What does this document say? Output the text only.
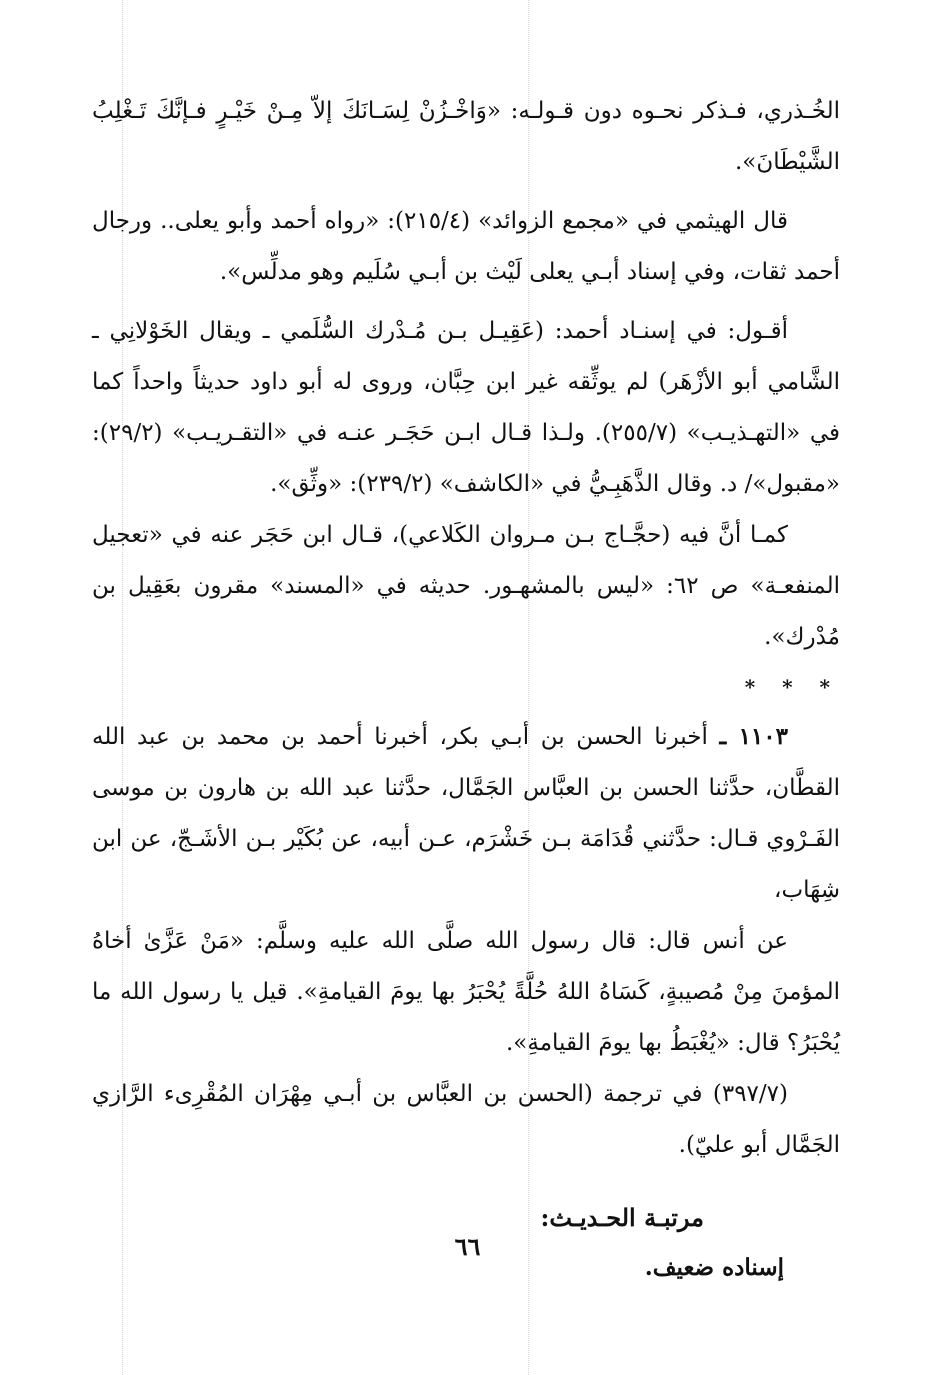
الخُـذري، فـذكر نحـوه دون قـولـه: «وَاخْـزُنْ لِسَـانَكَ إلاّ مِـنْ خَيْـرٍ فـإنَّكَ تَـغْلِبُ الشَّيْطَانَ».

قال الهيثمي في «مجمع الزوائد» (٢١٥/٤): «رواه أحمد وأبو يعلى.. ورجال أحمد ثقات، وفي إسناد أبـي يعلى لَيْث بن أبـي سُلَيم وهو مدلِّس».

أقـول: في إسنـاد أحمد: (عَقِيـل بـن مُـدْرك السُّلَمي ـ ويقال الخَوْلانِي ـ الشَّامي أبو الأزْهَر) لم يوثِّقه غير ابن حِبَّان، وروى له أبو داود حديثاً واحداً كما في «التهـذيـب» (٢٥٥/٧). ولـذا قـال ابـن حَجَـر عنـه في «التقـريـب» (٢٩/٢): «مقبول»/ د. وقال الذَّهَبِـيُّ في «الكاشف» (٢٣٩/٢): «وثِّق».

كمـا أنَّ فيه (حجَّـاج بـن مـروان الكَلاعي)، قـال ابن حَجَر عنه في «تعجيل المنفعـة» ص ٦٢: «ليس بالمشهـور. حديثه في «المسند» مقرون بعَقِيل بن مُدْرك».

* * *

١١٠٣ ـ أخبرنا الحسن بن أبـي بكر، أخبرنا أحمد بن محمد بن عبد الله القطَّان، حدَّثنا الحسن بن العبَّاس الجَمَّال، حدَّثنا عبد الله بن هارون بن موسى الفَـرْوي قـال: حدَّثني قُدَامَة بـن خَشْرَم، عـن أبيه، عن بُكَيْر بـن الأشَـجّ، عن ابن شِهَاب،

عن أنس قال: قال رسول الله صلَّى الله عليه وسلَّم: «مَنْ عَزَّىٰ أخاهُ المؤمنَ مِنْ مُصيبةٍ، كَسَاهُ اللهُ حُلَّةً يُحْبَرُ بها يومَ القيامةِ». قيل يا رسول الله ما يُحْبَرُ؟ قال: «يُغْبَطُ بها يومَ القيامةِ».

(٣٩٧/٧) في ترجمة (الحسن بن العبَّاس بن أبـي مِهْرَان المُقْرِىء الرَّازي الجَمَّال أبو عليّ).

مرتبـة الحـديـث:

إسناده ضعيف.

٦٦
